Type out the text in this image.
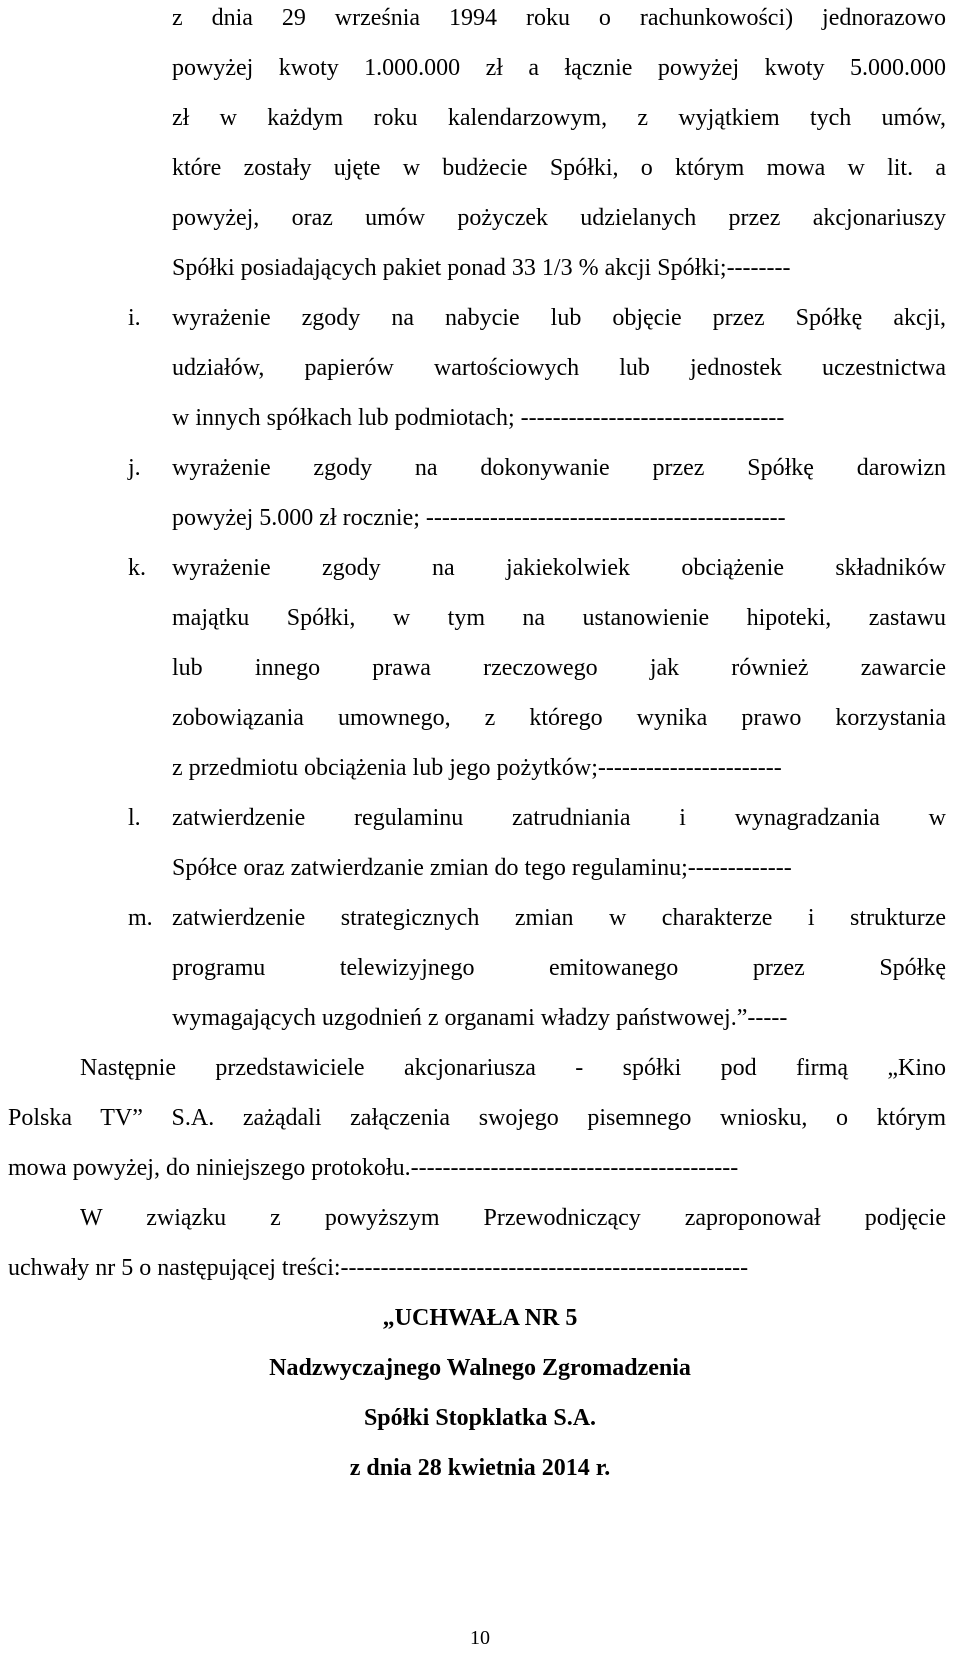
z dnia 29 września 1994 roku o rachunkowości) jednorazowo
powyżej kwoty 1.000.000 zł a łącznie powyżej kwoty 5.000.000
zł w każdym roku kalendarzowym, z wyjątkiem tych umów,
które zostały ujęte w budżecie Spółki, o którym mowa w lit. a
powyżej, oraz umów pożyczek udzielanych przez akcjonariuszy
Spółki posiadających pakiet ponad 33 1/3 % akcji Spółki;--------
i. wyrażenie zgody na nabycie lub objęcie przez Spółkę akcji,
udziałów, papierów wartościowych lub jednostek uczestnictwa
w innych spółkach lub podmiotach; ---------------------------------
j. wyrażenie zgody na dokonywanie przez Spółkę darowizn
powyżej 5.000 zł rocznie; ---------------------------------------------
k. wyrażenie zgody na jakiekolwiek obciążenie składników
majątku Spółki, w tym na ustanowienie hipoteki, zastawu
lub innego prawa rzeczowego jak również zawarcie
zobowiązania umownego, z którego wynika prawo korzystania
z przedmiotu obciążenia lub jego pożytków;-----------------------
l. zatwierdzenie regulaminu zatrudniania i wynagradzania w
Spółce oraz zatwierdzanie zmian do tego regulaminu;-------------
m. zatwierdzenie strategicznych zmian w charakterze i strukturze
programu telewizyjnego emitowanego przez Spółkę
wymagających uzgodnień z organami władzy państwowej.”-----
Następnie przedstawiciele akcjonariusza - spółki pod firmą „Kino
Polska TV” S.A. zażądali załączenia swojego pisemnego wniosku, o którym
mowa powyżej, do niniejszego protokołu.-----------------------------------------
W związku z powyższym Przewodniczący zaproponował podjęcie
uchwały nr 5 o następującej treści:---------------------------------------------------
„UCHWAŁA NR 5
Nadzwyczajnego Walnego Zgromadzenia
Spółki Stopklatka S.A.
z dnia 28 kwietnia 2014 r.
10
